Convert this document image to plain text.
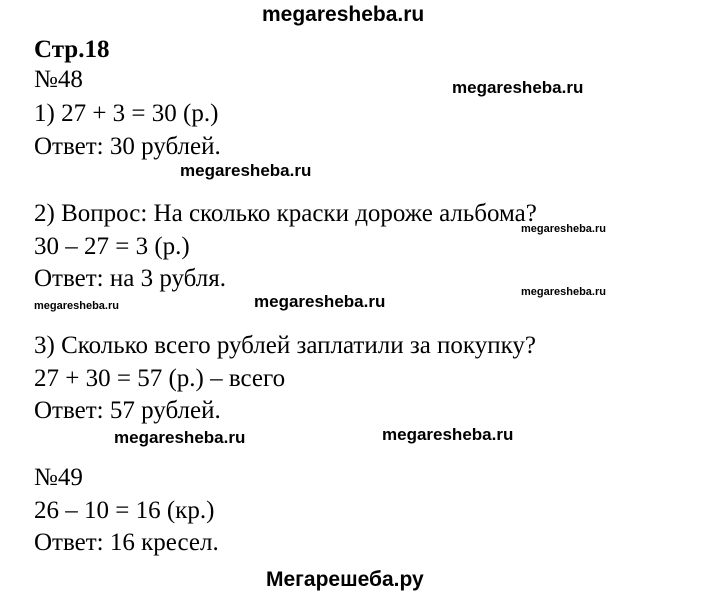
megaresheba.ru
megaresheba.ru
megaresheba.ru
megaresheba.ru
megaresheba.ru	megaresheba.ru	megaresheba.ru
megaresheba.ru	megaresheba.ru
Мегарешеба.ру
Стр.18
№48
1) 27 + 3 = 30 (р.)
Ответ: 30 рублей.
2) Вопрос: На сколько краски дороже альбома?
30 – 27 = 3 (р.)
Ответ: на 3 рубля.
3) Сколько всего рублей заплатили за покупку?
27 + 30 = 57 (р.) – всего
Ответ: 57 рублей.
№49
26 – 10 = 16 (кр.)
Ответ: 16 кресел.
